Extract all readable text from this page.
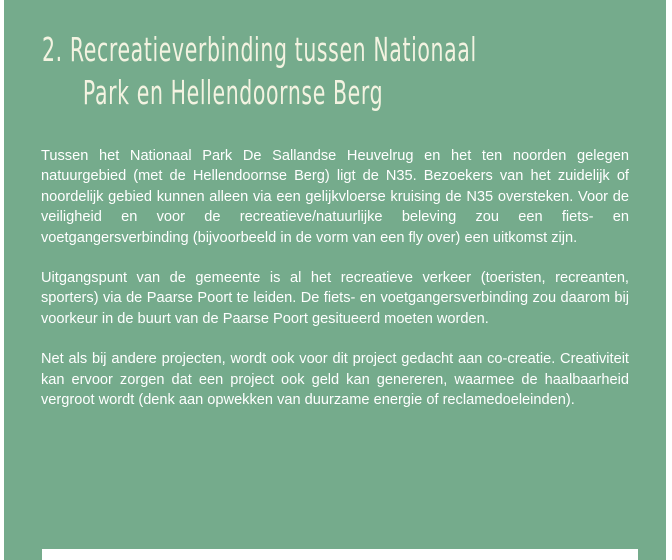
2. Recreatieverbinding tussen Nationaal
Park en Hellendoornse Berg

Tussen het Nationaal Park De Sallandse Heuvelrug en het ten noorden gelegen natuurgebied (met de Hellendoornse Berg) ligt de N35. Bezoekers van het zuidelijk of noordelijk gebied kunnen alleen via een gelijkvloerse kruising de N35 oversteken. Voor de veiligheid en voor de recreatieve/natuurlijke beleving zou een fiets- en voetgangersverbinding (bijvoorbeeld in de vorm van een fly over) een uitkomst zijn.

Uitgangspunt van de gemeente is al het recreatieve verkeer (toeristen, recreanten, sporters) via de Paarse Poort te leiden. De fiets- en voetgangersverbinding zou daarom bij voorkeur in de buurt van de Paarse Poort gesitueerd moeten worden.

Net als bij andere projecten, wordt ook voor dit project gedacht aan co-creatie. Creativiteit kan ervoor zorgen dat een project ook geld kan genereren, waarmee de haalbaarheid vergroot wordt (denk aan opwekken van duurzame energie of reclamedoeleinden).
